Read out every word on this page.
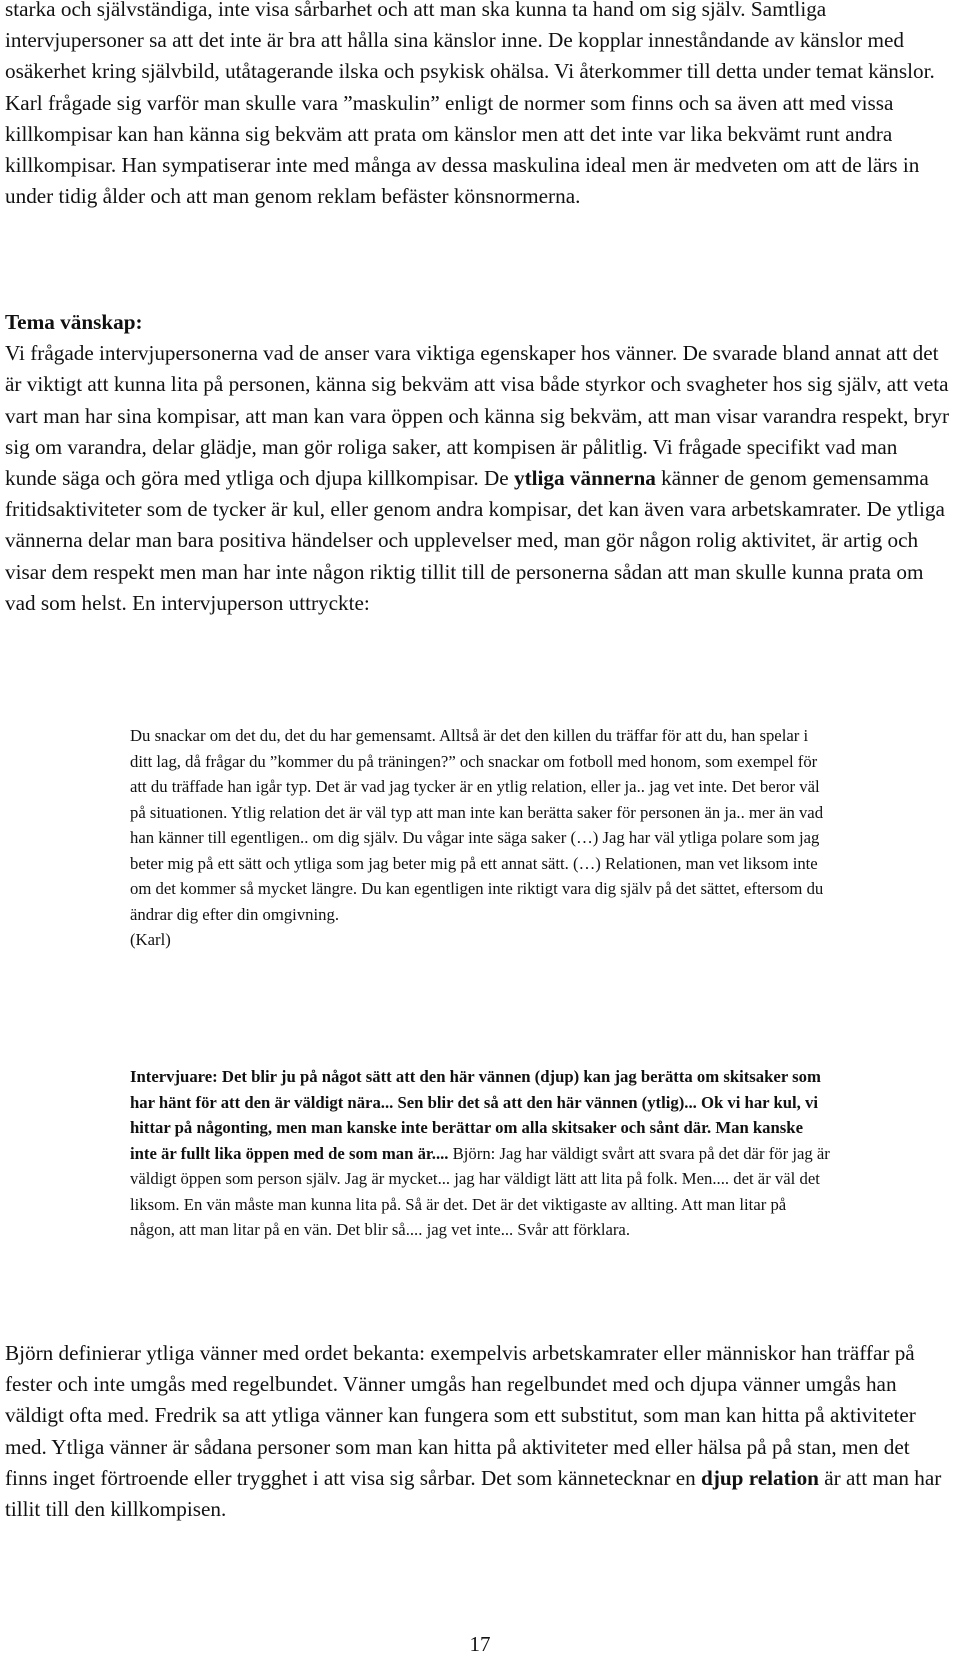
starka och självständiga, inte visa sårbarhet och att man ska kunna ta hand om sig själv. Samtliga intervjupersoner sa att det inte är bra att hålla sina känslor inne. De kopplar inneståndande av känslor med osäkerhet kring självbild, utåtagerande ilska och psykisk ohälsa. Vi återkommer till detta under temat känslor. Karl frågade sig varför man skulle vara ”maskulin” enligt de normer som finns och sa även att med vissa killkompisar kan han känna sig bekväm att prata om känslor men att det inte var lika bekvämt runt andra killkompisar. Han sympatiserar inte med många av dessa maskulina ideal men är medveten om att de lärs in under tidig ålder och att man genom reklam befäster könsnormerna.

Tema vänskap:
Vi frågade intervjupersonerna vad de anser vara viktiga egenskaper hos vänner. De svarade bland annat att det är viktigt att kunna lita på personen, känna sig bekväm att visa både styrkor och svagheter hos sig själv, att veta vart man har sina kompisar, att man kan vara öppen och känna sig bekväm, att man visar varandra respekt, bryr sig om varandra, delar glädje, man gör roliga saker, att kompisen är pålitlig. Vi frågade specifikt vad man kunde säga och göra med ytliga och djupa killkompisar. De ytliga vännerna känner de genom gemensamma fritidsaktiviteter som de tycker är kul, eller genom andra kompisar, det kan även vara arbetskamrater. De ytliga vännerna delar man bara positiva händelser och upplevelser med, man gör någon rolig aktivitet, är artig och visar dem respekt men man har inte någon riktig tillit till de personerna sådan att man skulle kunna prata om vad som helst. En intervjuperson uttryckte:
Du snackar om det du, det du har gemensamt. Alltså är det den killen du träffar för att du, han spelar i ditt lag, då frågar du ”kommer du på träningen?” och snackar om fotboll med honom, som exempel för att du träffade han igår typ. Det är vad jag tycker är en ytlig relation, eller ja.. jag vet inte. Det beror väl på situationen. Ytlig relation det är väl typ att man inte kan berätta saker för personen än ja.. mer än vad han känner till egentligen.. om dig själv. Du vågar inte säga saker (…) Jag har väl ytliga polare som jag beter mig på ett sätt och ytliga som jag beter mig på ett annat sätt. (…) Relationen, man vet liksom inte om det kommer så mycket längre. Du kan egentligen inte riktigt vara dig själv på det sättet, eftersom du ändrar dig efter din omgivning.
(Karl)
Intervjuare: Det blir ju på något sätt att den här vännen (djup) kan jag berätta om skitsaker som har hänt för att den är väldigt nära... Sen blir det så att den här vännen (ytlig)... Ok vi har kul, vi hittar på någonting, men man kanske inte berättar om alla skitsaker och sånt där. Man kanske inte är fullt lika öppen med de som man är.... Björn: Jag har väldigt svårt att svara på det där för jag är väldigt öppen som person själv. Jag är mycket... jag har väldigt lätt att lita på folk. Men.... det är väl det liksom. En vän måste man kunna lita på. Så är det. Det är det viktigaste av allting. Att man litar på någon, att man litar på en vän. Det blir så.... jag vet inte... Svår att förklara.

Björn definierar ytliga vänner med ordet bekanta: exempelvis arbetskamrater eller människor han träffar på fester och inte umgås med regelbundet. Vänner umgås han regelbundet med och djupa vänner umgås han väldigt ofta med. Fredrik sa att ytliga vänner kan fungera som ett substitut, som man kan hitta på aktiviteter med. Ytliga vänner är sådana personer som man kan hitta på aktiviteter med eller hälsa på på stan, men det finns inget förtroende eller trygghet i att visa sig sårbar. Det som kännetecknar en djup relation är att man har tillit till den killkompisen.

17
